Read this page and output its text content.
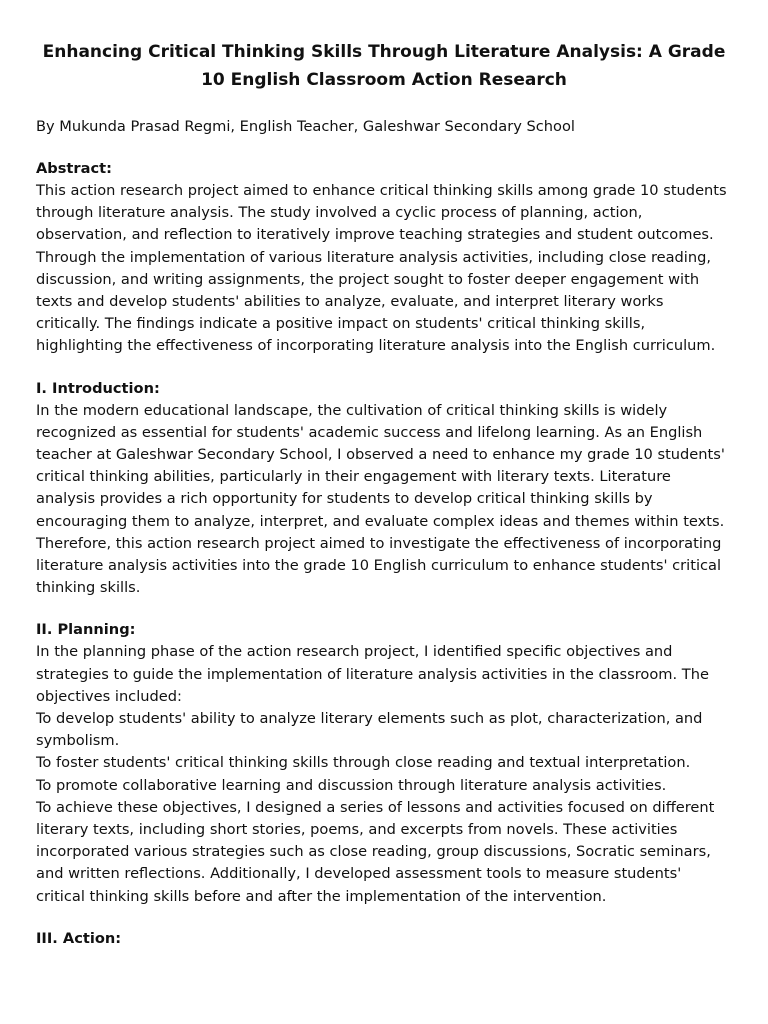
Enhancing Critical Thinking Skills Through Literature Analysis: A Grade 10 English Classroom Action Research

By Mukunda Prasad Regmi, English Teacher, Galeshwar Secondary School

Abstract:

This action research project aimed to enhance critical thinking skills among grade 10 students through literature analysis. The study involved a cyclic process of planning, action, observation, and reflection to iteratively improve teaching strategies and student outcomes. Through the implementation of various literature analysis activities, including close reading, discussion, and writing assignments, the project sought to foster deeper engagement with texts and develop students' abilities to analyze, evaluate, and interpret literary works critically. The findings indicate a positive impact on students' critical thinking skills, highlighting the effectiveness of incorporating literature analysis into the English curriculum.

I. Introduction:

In the modern educational landscape, the cultivation of critical thinking skills is widely recognized as essential for students' academic success and lifelong learning. As an English teacher at Galeshwar Secondary School, I observed a need to enhance my grade 10 students' critical thinking abilities, particularly in their engagement with literary texts. Literature analysis provides a rich opportunity for students to develop critical thinking skills by encouraging them to analyze, interpret, and evaluate complex ideas and themes within texts. Therefore, this action research project aimed to investigate the effectiveness of incorporating literature analysis activities into the grade 10 English curriculum to enhance students' critical thinking skills.

II. Planning:

In the planning phase of the action research project, I identified specific objectives and strategies to guide the implementation of literature analysis activities in the classroom. The objectives included:

To develop students' ability to analyze literary elements such as plot, characterization, and symbolism.

To foster students' critical thinking skills through close reading and textual interpretation.

To promote collaborative learning and discussion through literature analysis activities.

To achieve these objectives, I designed a series of lessons and activities focused on different literary texts, including short stories, poems, and excerpts from novels. These activities incorporated various strategies such as close reading, group discussions, Socratic seminars, and written reflections. Additionally, I developed assessment tools to measure students' critical thinking skills before and after the implementation of the intervention.

III. Action:
